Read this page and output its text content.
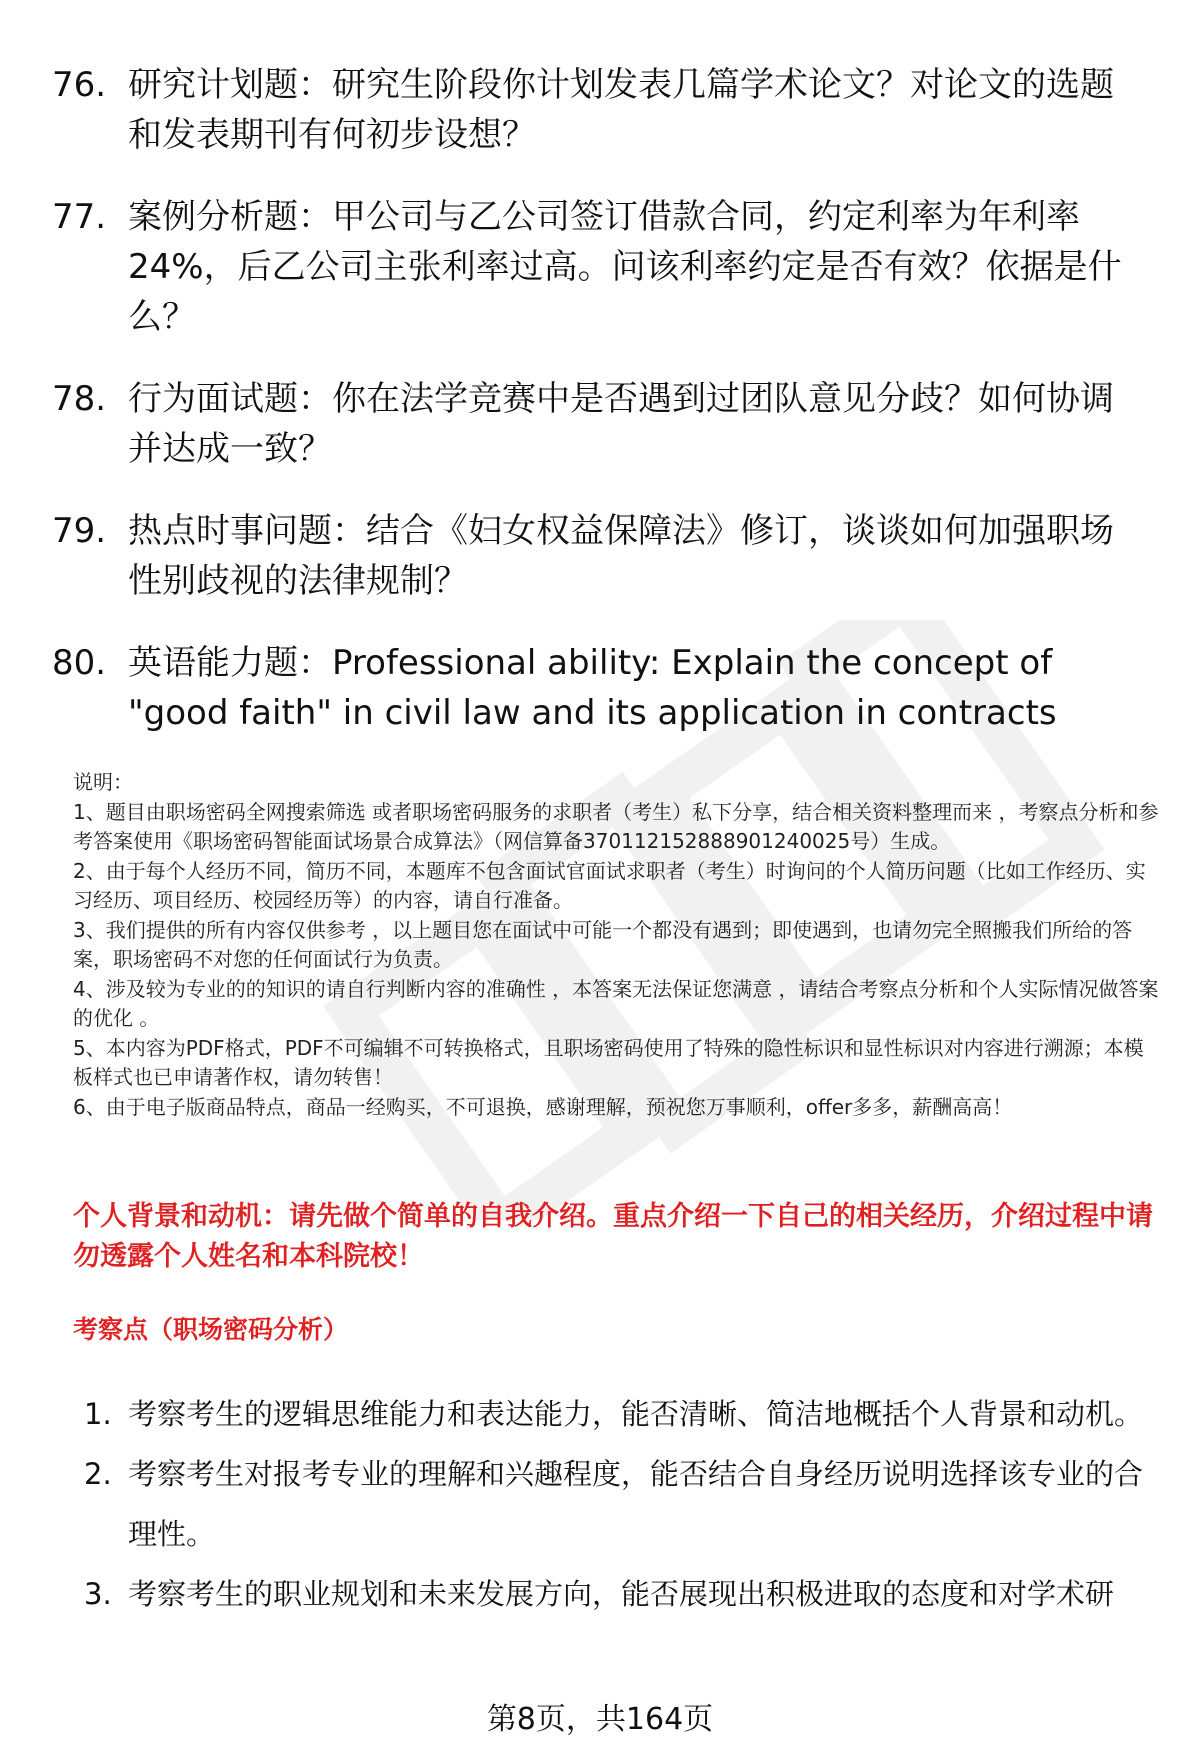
76. 研究计划题：研究生阶段你计划发表几篇学术论文？对论文的选题和发表期刊有何初步设想？
77. 案例分析题：甲公司与乙公司签订借款合同，约定利率为年利率24%，后乙公司主张利率过高。问该利率约定是否有效？依据是什么？
78. 行为面试题：你在法学竞赛中是否遇到过团队意见分歧？如何协调并达成一致？
79. 热点时事问题：结合《妇女权益保障法》修订，谈谈如何加强职场性别歧视的法律规制？
80. 英语能力题：Professional ability: Explain the concept of "good faith" in civil law and its application in contracts

说明：

1、题目由职场密码全网搜索筛选 或者职场密码服务的求职者（考生）私下分享，结合相关资料整理而来 ，考察点分析和参考答案使用《职场密码智能面试场景合成算法》（网信算备370112152888901240025号）生成。

2、由于每个人经历不同，简历不同，本题库不包含面试官面试求职者（考生）时询问的个人简历问题（比如工作经历、实习经历、项目经历、校园经历等）的内容，请自行准备。

3、我们提供的所有内容仅供参考 ，以上题目您在面试中可能一个都没有遇到；即使遇到，也请勿完全照搬我们所给的答案，职场密码不对您的任何面试行为负责。

4、涉及较为专业的的知识的请自行判断内容的准确性 ，本答案无法保证您满意 ，请结合考察点分析和个人实际情况做答案的优化 。

5、本内容为PDF格式，PDF不可编辑不可转换格式，且职场密码使用了特殊的隐性标识和显性标识对内容进行溯源；本模板样式也已申请著作权，请勿转售！

6、由于电子版商品特点，商品一经购买，不可退换，感谢理解，预祝您万事顺利，offer多多，薪酬高高！

个人背景和动机：请先做个简单的自我介绍。重点介绍一下自己的相关经历，介绍过程中请勿透露个人姓名和本科院校！
考察点（职场密码分析）
1. 考察考生的逻辑思维能力和表达能力，能否清晰、简洁地概括个人背景和动机。
2. 考察考生对报考专业的理解和兴趣程度，能否结合自身经历说明选择该专业的合理性。
3. 考察考生的职业规划和未来发展方向，能否展现出积极进取的态度和对学术研
第8页，共164页
